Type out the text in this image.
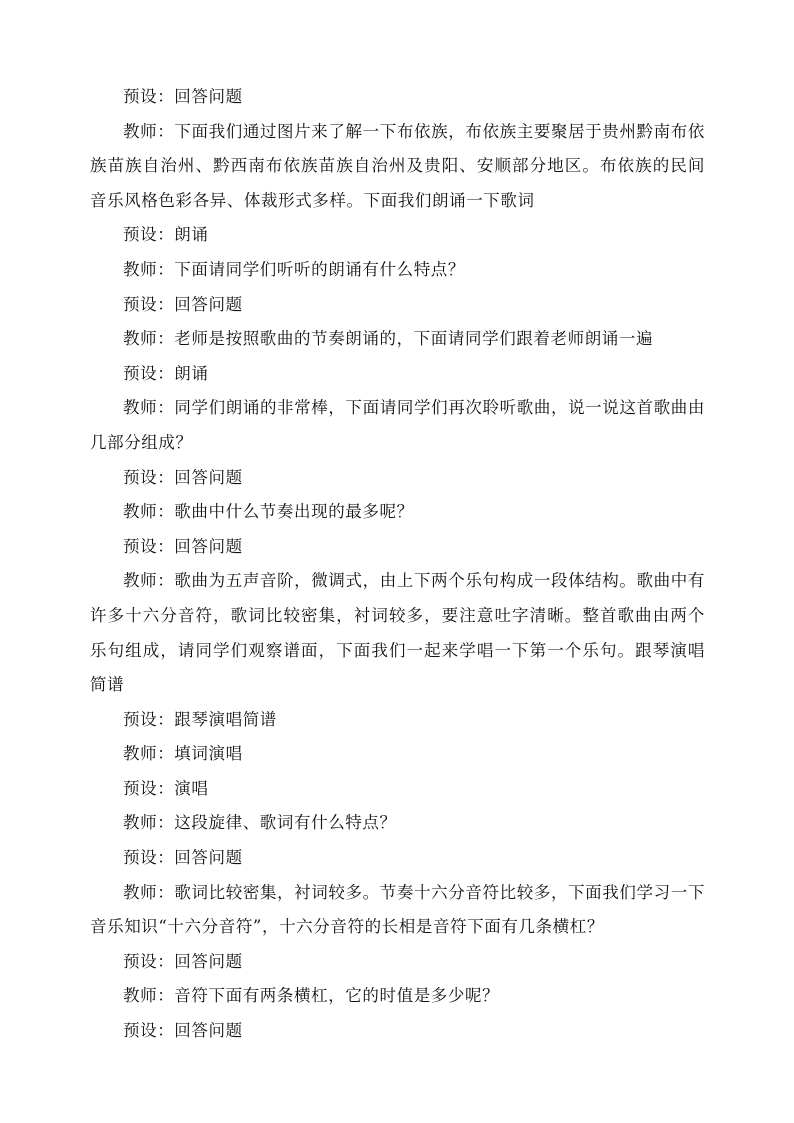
预设：回答问题

教师：下面我们通过图片来了解一下布依族，布依族主要聚居于贵州黔南布依族苗族自治州、黔西南布依族苗族自治州及贵阳、安顺部分地区。布依族的民间音乐风格色彩各异、体裁形式多样。下面我们朗诵一下歌词

预设：朗诵

教师：下面请同学们听听的朗诵有什么特点？

预设：回答问题

教师：老师是按照歌曲的节奏朗诵的，下面请同学们跟着老师朗诵一遍

预设：朗诵

教师：同学们朗诵的非常棒，下面请同学们再次聆听歌曲，说一说这首歌曲由几部分组成？

预设：回答问题

教师：歌曲中什么节奏出现的最多呢？

预设：回答问题

教师：歌曲为五声音阶，微调式，由上下两个乐句构成一段体结构。歌曲中有许多十六分音符，歌词比较密集，衬词较多，要注意吐字清晰。整首歌曲由两个乐句组成，请同学们观察谱面，下面我们一起来学唱一下第一个乐句。跟琴演唱简谱

预设：跟琴演唱简谱

教师：填词演唱

预设：演唱

教师：这段旋律、歌词有什么特点？

预设：回答问题

教师：歌词比较密集，衬词较多。节奏十六分音符比较多，下面我们学习一下音乐知识“十六分音符”，十六分音符的长相是音符下面有几条横杠？

预设：回答问题

教师：音符下面有两条横杠，它的时值是多少呢？

预设：回答问题
